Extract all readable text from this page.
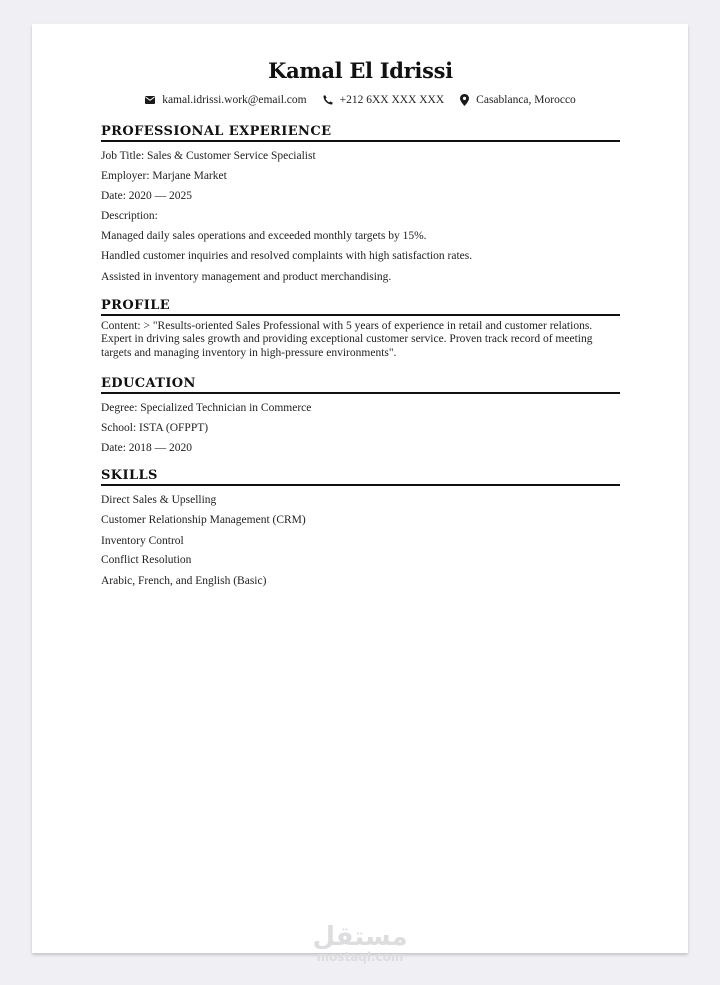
Kamal El Idrissi
kamal.idrissi.work@email.com	+212 6XX XXX XXX	Casablanca, Morocco
PROFESSIONAL EXPERIENCE
Job Title: Sales & Customer Service Specialist
Employer: Marjane Market
Date: 2020 — 2025
Description:
Managed daily sales operations and exceeded monthly targets by 15%.
Handled customer inquiries and resolved complaints with high satisfaction rates.
Assisted in inventory management and product merchandising.
PROFILE
Content: > "Results-oriented Sales Professional with 5 years of experience in retail and customer relations. Expert in driving sales growth and providing exceptional customer service. Proven track record of meeting targets and managing inventory in high-pressure environments".
EDUCATION
Degree: Specialized Technician in Commerce
School: ISTA (OFPPT)
Date: 2018 — 2020
SKILLS
Direct Sales & Upselling
Customer Relationship Management (CRM)
Inventory Control
Conflict Resolution
Arabic, French, and English (Basic)
مستقل
mostaql.com
